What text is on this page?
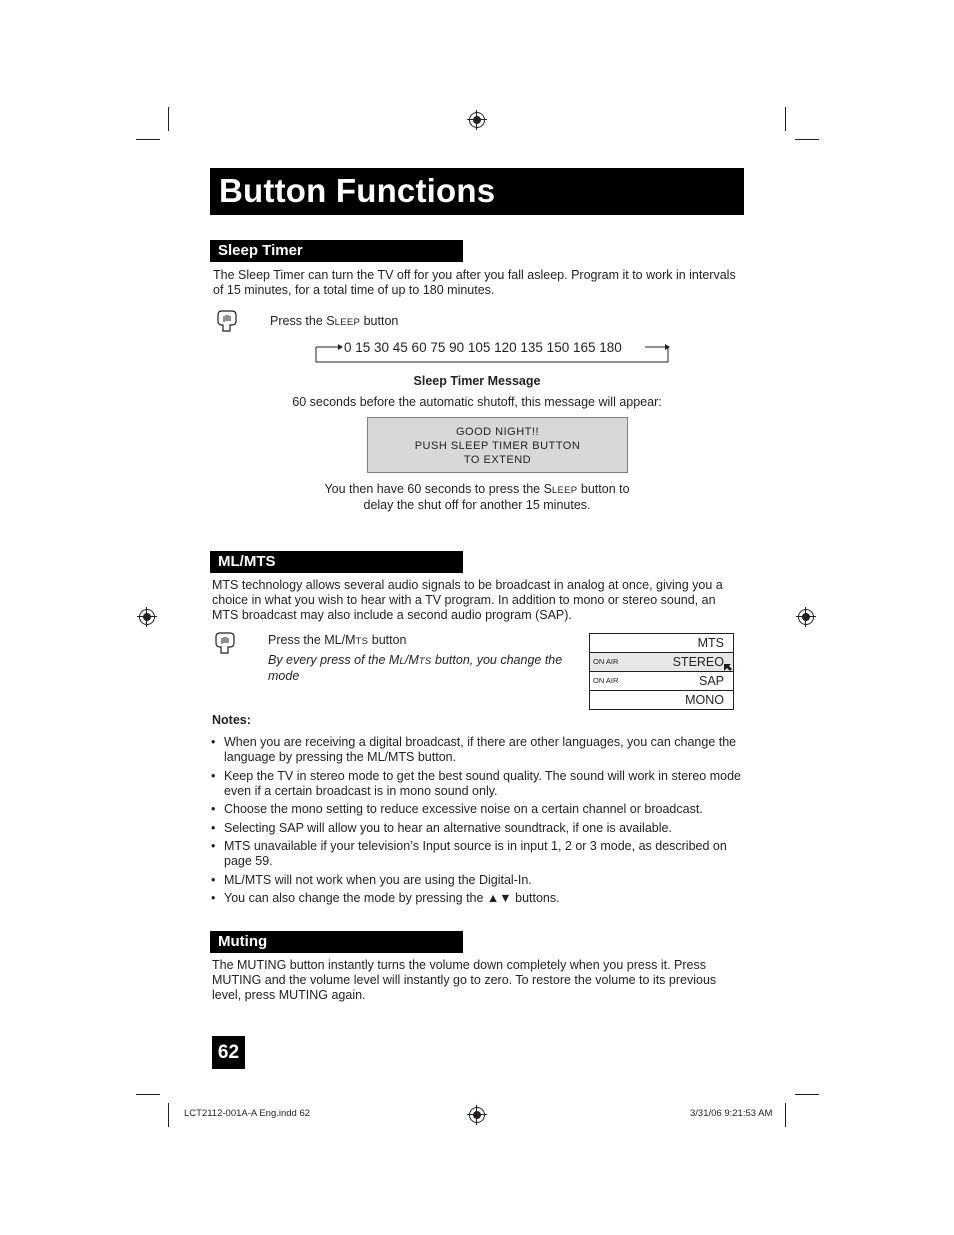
Button Functions
Sleep Timer
The Sleep Timer can turn the TV off for you after you fall asleep. Program it to work in intervals of 15 minutes, for a total time of up to 180 minutes.
Press the SLEEP button
0 15 30 45 60 75 90 105 120 135 150 165 180
Sleep Timer Message
60 seconds before the automatic shutoff, this message will appear:
GOOD NIGHT!!
PUSH SLEEP TIMER BUTTON
TO EXTEND
You then have 60 seconds to press the SLEEP button to
delay the shut off for another 15 minutes.
ML/MTS
MTS technology allows several audio signals to be broadcast in analog at once, giving you a choice in what you wish to hear with a TV program. In addition to mono or stereo sound, an MTS broadcast may also include a second audio program (SAP).
Press the ML/MTS button
By every press of the ML/MTS button, you change the mode
MTS
ON AIR	STEREO
ON AIR	SAP
MONO
Notes:
• When you are receiving a digital broadcast, if there are other languages, you can change the language by pressing the ML/MTS button.
• Keep the TV in stereo mode to get the best sound quality. The sound will work in stereo mode even if a certain broadcast is in mono sound only.
• Choose the mono setting to reduce excessive noise on a certain channel or broadcast.
• Selecting SAP will allow you to hear an alternative soundtrack, if one is available.
• MTS unavailable if your television’s Input source is in input 1, 2 or 3 mode, as described on page 59.
• ML/MTS will not work when you are using the Digital-In.
• You can also change the mode by pressing the ▲▼ buttons.
Muting
The MUTING button instantly turns the volume down completely when you press it. Press
MUTING and the volume level will instantly go to zero. To restore the volume to its previous
level, press MUTING again.
62
LCT2112-001A-A Eng.indd 62	3/31/06 9:21:53 AM
